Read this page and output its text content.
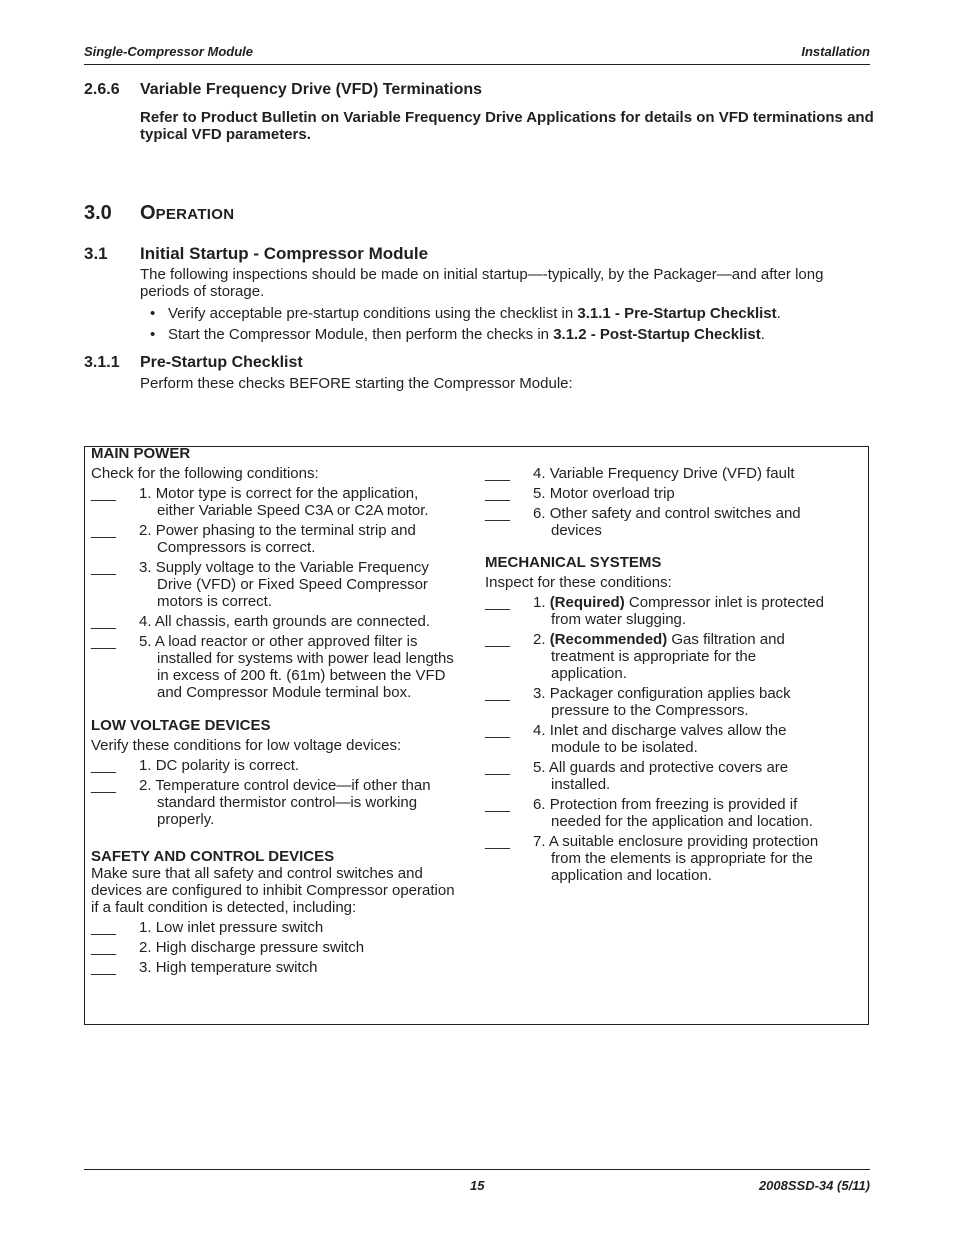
Single-Compressor Module	Installation
2.6.6 Variable Frequency Drive (VFD) Terminations
Refer to Product Bulletin on Variable Frequency Drive Applications for details on VFD terminations and typical VFD parameters.
3.0 OPERATION
3.1 Initial Startup - Compressor Module
The following inspections should be made on initial startup—-typically, by the Packager—and after long periods of storage.
• Verify acceptable pre-startup conditions using the checklist in 3.1.1 - Pre-Startup Checklist.
• Start the Compressor Module, then perform the checks in 3.1.2 - Post-Startup Checklist.
3.1.1 Pre-Startup Checklist
Perform these checks BEFORE starting the Compressor Module:
MAIN POWER
Check for the following conditions:
___ 1. Motor type is correct for the application, either Variable Speed C3A or C2A motor.
___ 2. Power phasing to the terminal strip and Compressors is correct.
___ 3. Supply voltage to the Variable Frequency Drive (VFD) or Fixed Speed Compressor motors is correct.
___ 4. All chassis, earth grounds are connected.
___ 5. A load reactor or other approved filter is installed for systems with power lead lengths in excess of 200 ft. (61m) between the VFD and Compressor Module terminal box.
LOW VOLTAGE DEVICES
Verify these conditions for low voltage devices:
___ 1. DC polarity is correct.
___ 2. Temperature control device—if other than standard thermistor control—is working properly.
SAFETY AND CONTROL DEVICES
Make sure that all safety and control switches and devices are configured to inhibit Compressor operation if a fault condition is detected, including:
___ 1. Low inlet pressure switch
___ 2. High discharge pressure switch
___ 3. High temperature switch
___ 4. Variable Frequency Drive (VFD) fault
___ 5. Motor overload trip
___ 6. Other safety and control switches and devices
MECHANICAL SYSTEMS
Inspect for these conditions:
___ 1. (Required) Compressor inlet is protected from water slugging.
___ 2. (Recommended) Gas filtration and treatment is appropriate for the application.
___ 3. Packager configuration applies back pressure to the Compressors.
___ 4. Inlet and discharge valves allow the module to be isolated.
___ 5. All guards and protective covers are installed.
___ 6. Protection from freezing is provided if needed for the application and location.
___ 7. A suitable enclosure providing protection from the elements is appropriate for the application and location.
15	2008SSD-34 (5/11)
